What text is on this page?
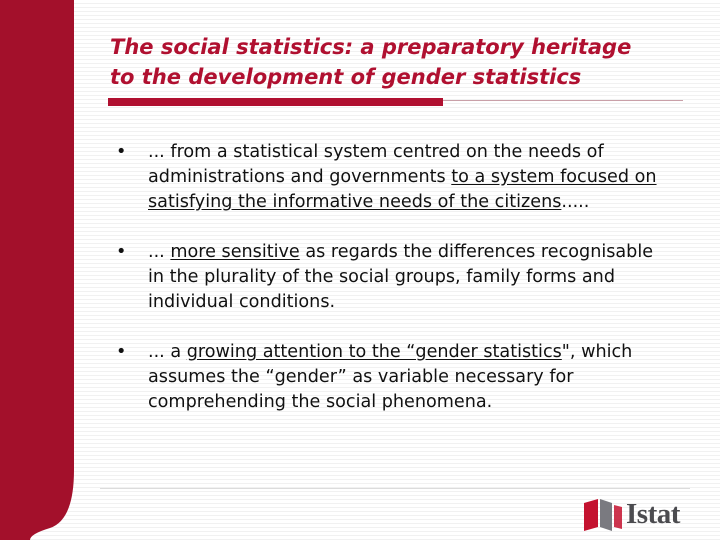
The social statistics: a preparatory heritage
to the development of gender statistics
• ... from a statistical system centred on the needs of administrations and governments to a system focused on satisfying the informative needs of the citizens.....
• ... more sensitive as regards the differences recognisable in the plurality of the social groups, family forms and individual conditions.
• ... a growing attention to the “gender statistics", which assumes the “gender” as variable necessary for comprehending the social phenomena.
Istat
